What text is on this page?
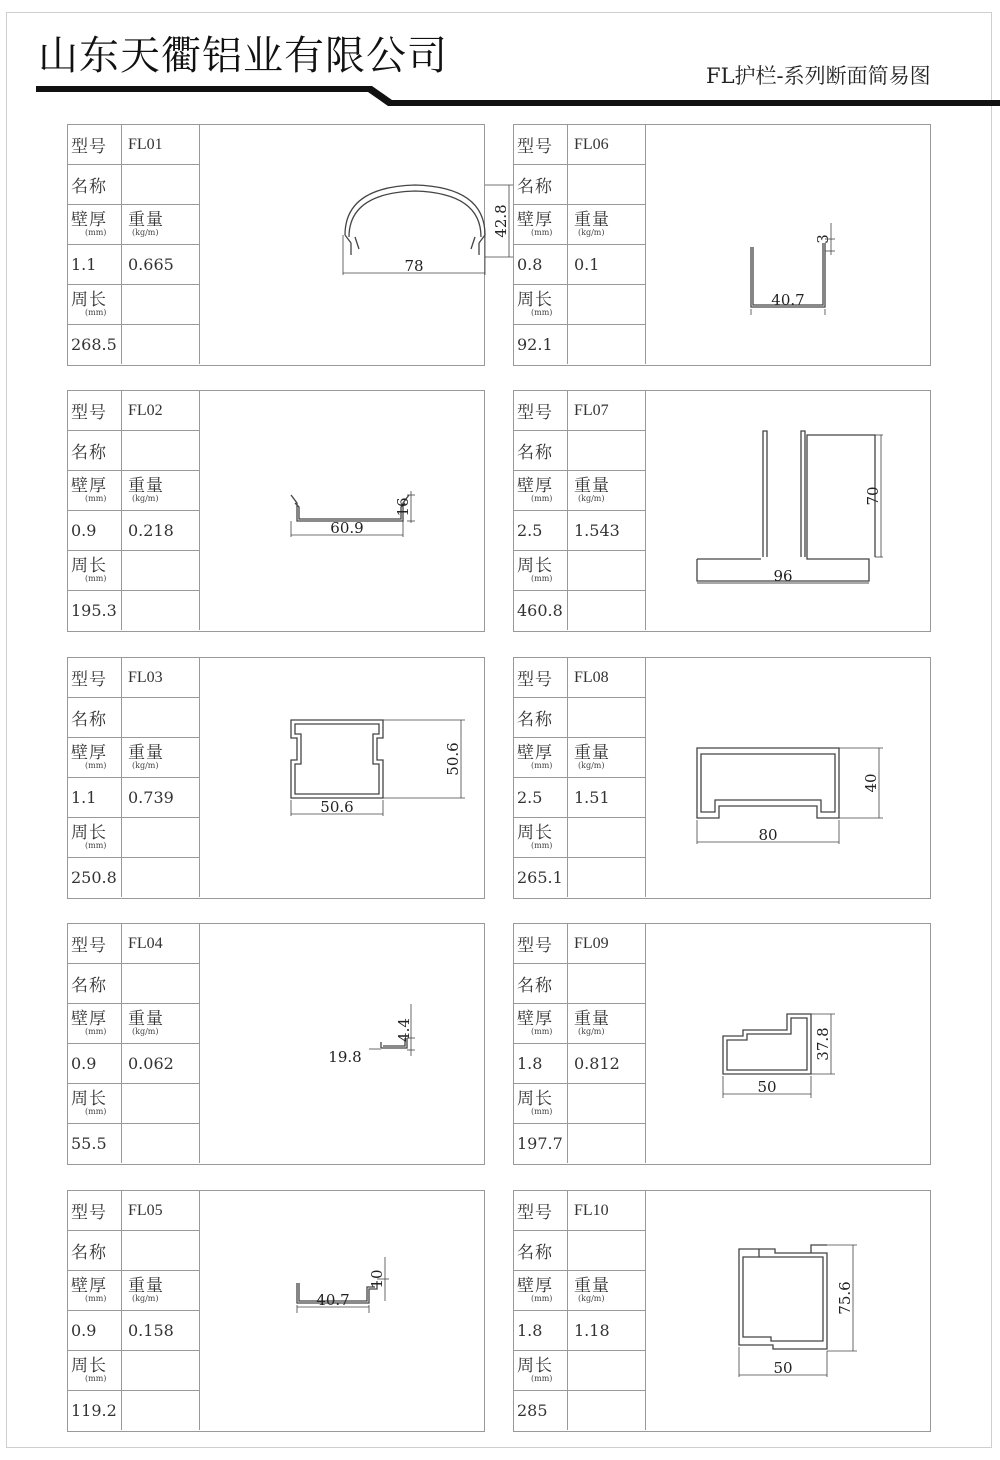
山东天衢铝业有限公司	FL护栏-系列断面简易图
型号	FL01
名称	

壁厚
(mm)	重量
(kg/m)

1.1	0.665

周长
(mm)	

268.5	
78
42.8
型号	FL06
名称	

壁厚
(mm)	重量
(kg/m)

0.8	0.1

周长
(mm)	

92.1	
40.7
3
型号	FL02
名称	

壁厚
(mm)	重量
(kg/m)

0.9	0.218

周长
(mm)	

195.3	
60.9
16
型号	FL07
名称	

壁厚
(mm)	重量
(kg/m)

2.5	1.543

周长
(mm)	

460.8	
96
70
型号	FL03
名称	

壁厚
(mm)	重量
(kg/m)

1.1	0.739

周长
(mm)	

250.8	
50.6
50.6
型号	FL08
名称	

壁厚
(mm)	重量
(kg/m)

2.5	1.51

周长
(mm)	

265.1	
80
40
型号	FL04
名称	

壁厚
(mm)	重量
(kg/m)

0.9	0.062

周长
(mm)	

55.5	
4.4
19.8
型号	FL09
名称	

壁厚
(mm)	重量
(kg/m)

1.8	0.812

周长
(mm)	

197.7	
50
37.8
型号	FL05
名称	

壁厚
(mm)	重量
(kg/m)

0.9	0.158

周长
(mm)	

119.2	
40.7
10
型号	FL10
名称	

壁厚
(mm)	重量
(kg/m)

1.8	1.18

周长
(mm)	

285	
50
75.6
